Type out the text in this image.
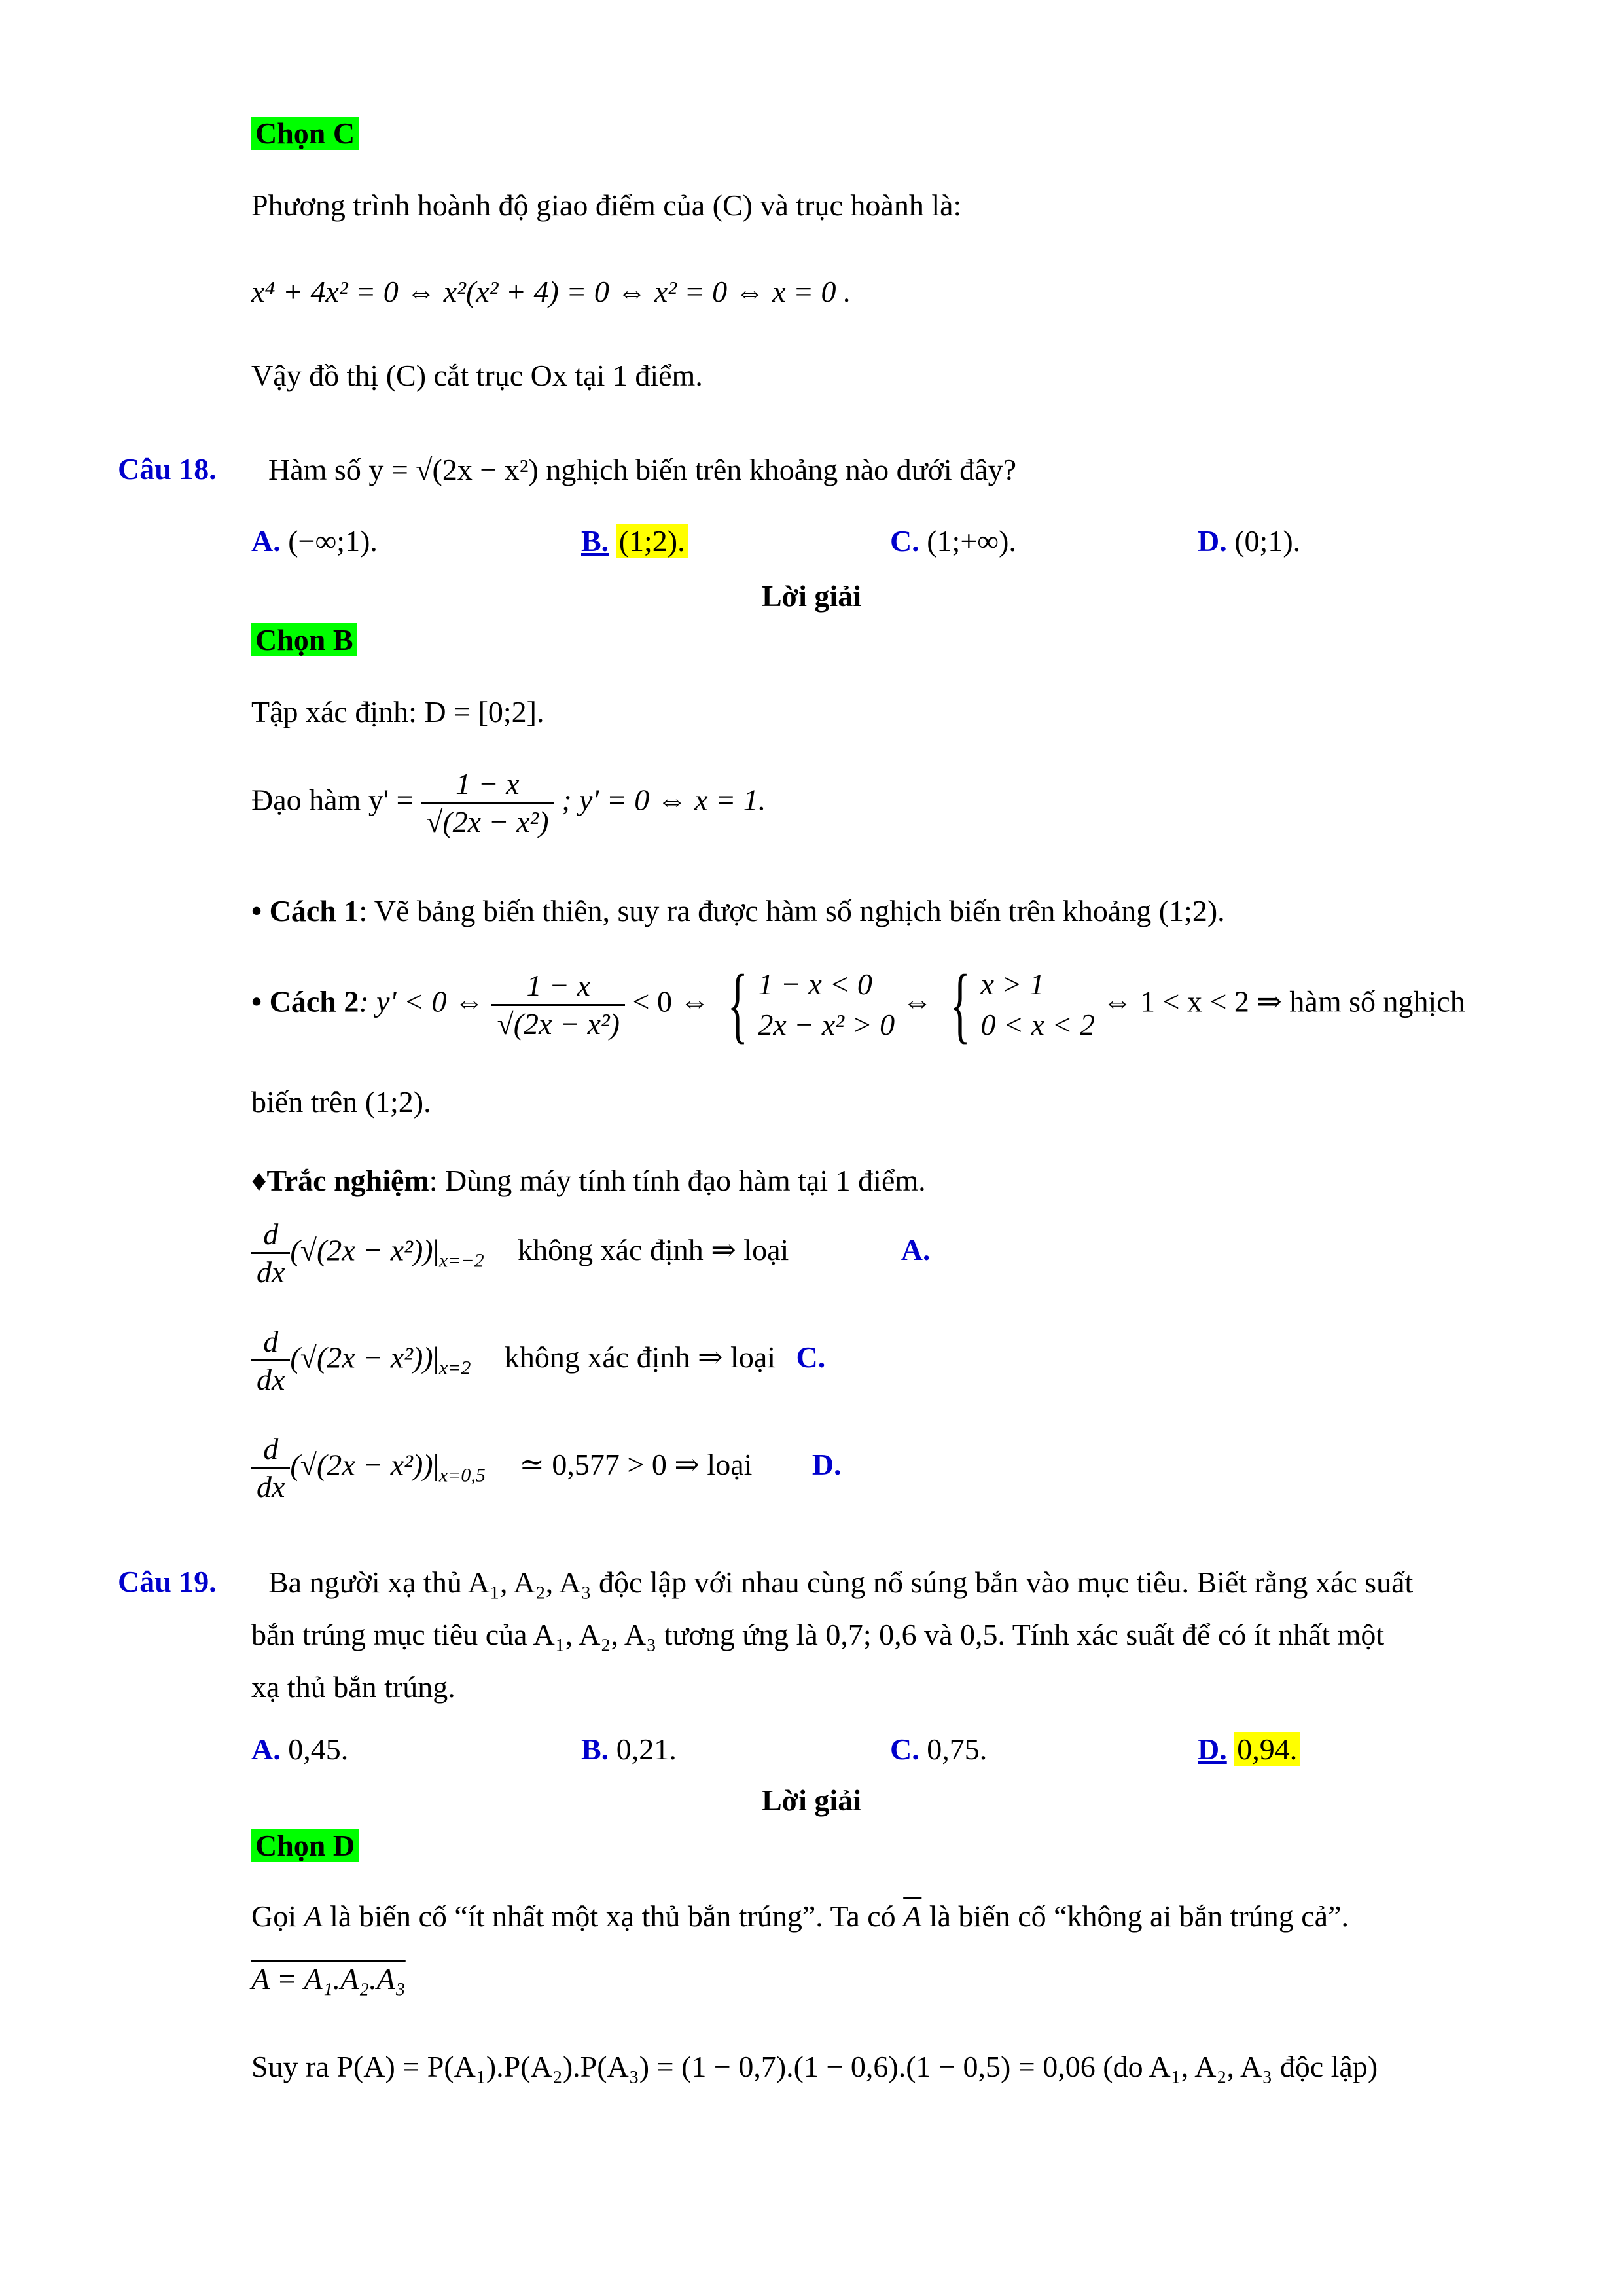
Chọn C
Phương trình hoành độ giao điểm của (C) và trục hoành là:
x⁴ + 4x² = 0 ⇔ x²(x² + 4) = 0 ⇔ x² = 0 ⇔ x = 0 .
Vậy đồ thị (C) cắt trục Ox tại 1 điểm.
Câu 18. Hàm số y = √(2x − x²) nghịch biến trên khoảng nào dưới đây?
A. (−∞;1).	B. (1;2).	C. (1;+∞).	D. (0;1).
Lời giải
Chọn B
Tập xác định: D = [0;2].
Đạo hàm $y' = \frac{1 - x}{\text{√(2x − x²)}}$ ; y' = 0 ⇔ x = 1.
• Cách 1: Vẽ bảng biến thiên, suy ra được hàm số nghịch biến trên khoảng (1;2).
• Cách 2: y' < 0 ⇔ $\frac{1 - x}{\text{√(2x − x²)}} < 0$ ⇔ { 1 − x < 0
2x − x² > 0 ⇔ { x > 1
0 < x < 2 ⇔ 1 < x < 2 ⇒ hàm số nghịch
biến trên (1;2).
♦Trắc nghiệm: Dùng máy tính tính đạo hàm tại 1 điểm.
$\frac{d}{dx} (√(2x - x^2))|_{x=-2}$ không xác định ⇒ loại	A.
$\frac{d}{dx} (√(2x - x^2))|_{x=2}$ không xác định ⇒ loại C.
$\frac{d}{dx} (√(2x - x^2))|_{x=0,5}$ ≃ 0,577 > 0 ⇒ loại D.
Câu 19. Ba người xạ thủ A₁, A₂, A₃ độc lập với nhau cùng nổ súng bắn vào mục tiêu. Biết rằng xác suất
bắn trúng mục tiêu của A₁, A₂, A₃ tương ứng là 0,7; 0,6 và 0,5. Tính xác suất để có ít nhất một
xạ thủ bắn trúng.
A. 0,45.	B. 0,21.	C. 0,75.	D. 0,94.
Lời giải
Chọn D
Gọi A là biến cố “ít nhất một xạ thủ bắn trúng”. Ta có $\overline{A}$ là biến cố “không ai bắn trúng cả”.
A = A₁.A₂.A₃
Suy ra P(A) = P(A₁).P(A₂).P(A₃) = (1 − 0,7).(1 − 0,6).(1 − 0,5) = 0,06 (do A₁, A₂, A₃ độc lập)
